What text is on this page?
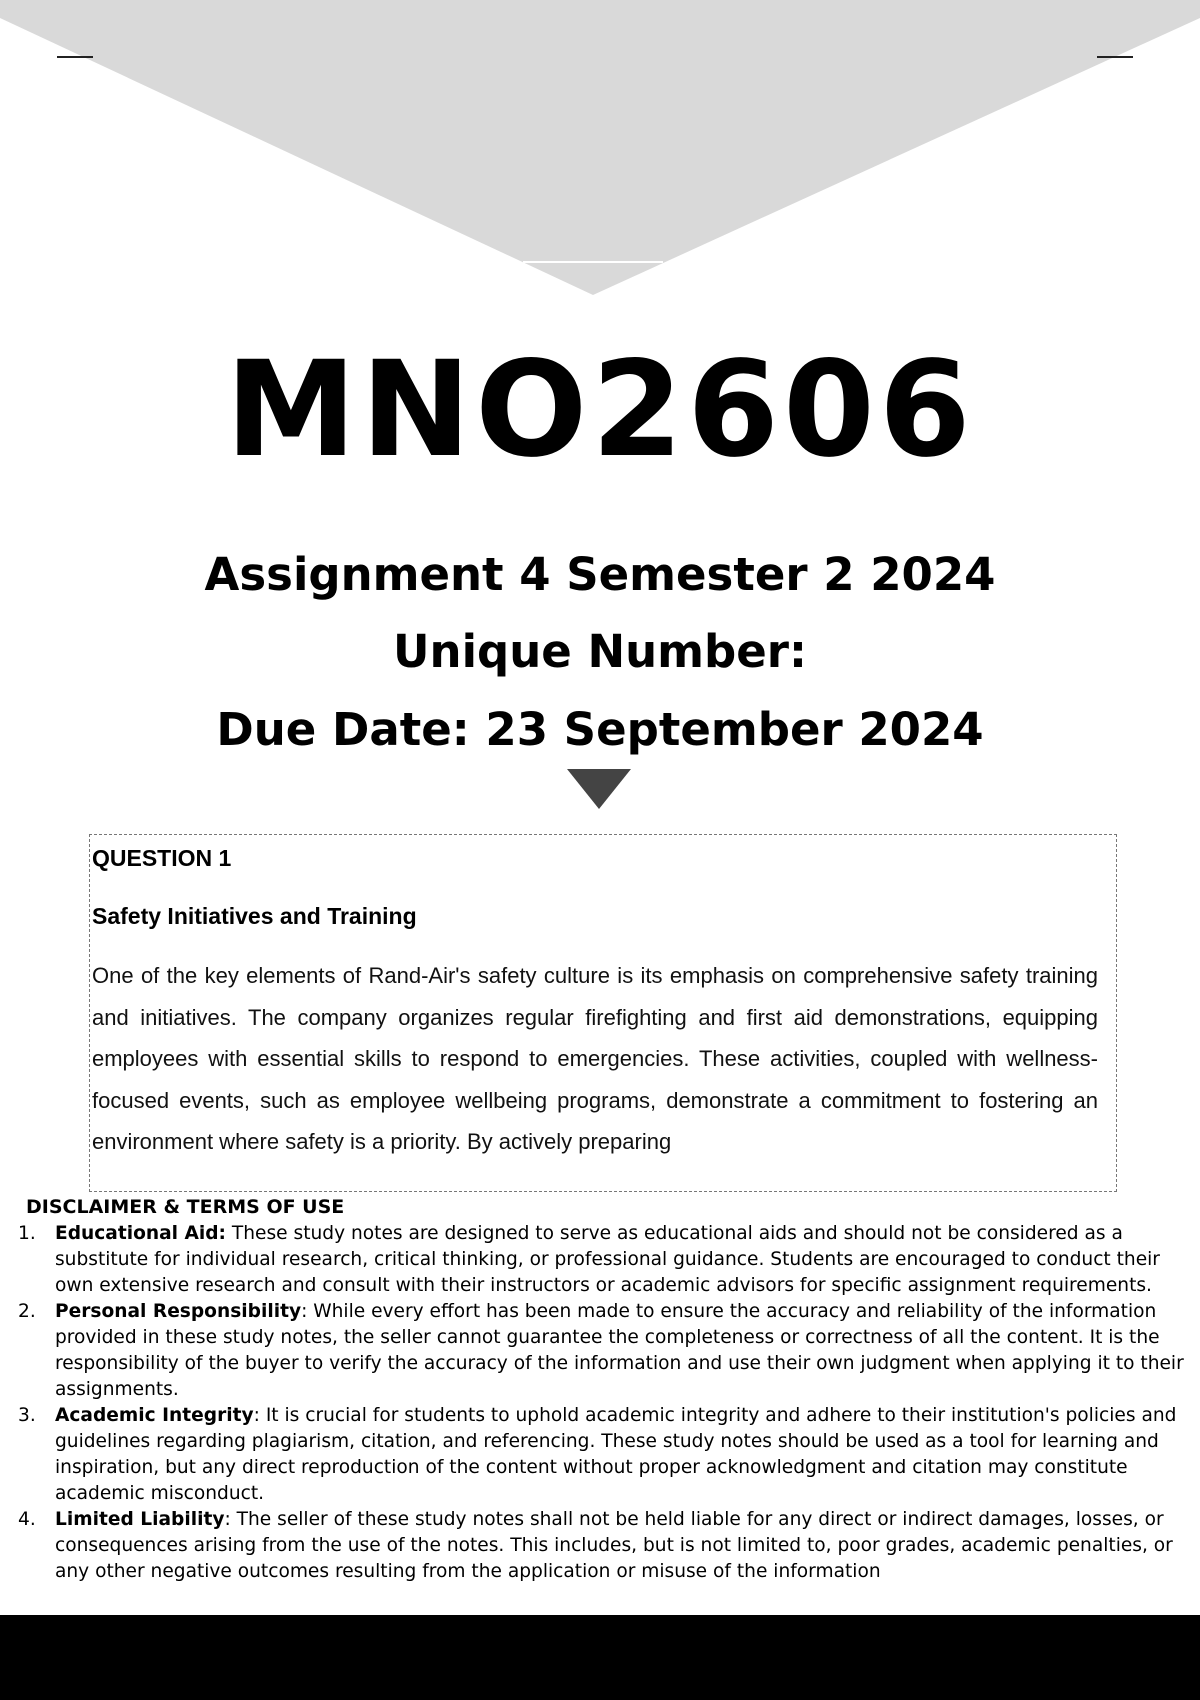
MNO2606
Assignment 4 Semester 2 2024
Unique Number:
Due Date: 23 September 2024
QUESTION 1
Safety Initiatives and Training
One of the key elements of Rand-Air's safety culture is its emphasis on comprehensive safety training and initiatives. The company organizes regular firefighting and first aid demonstrations, equipping employees with essential skills to respond to emergencies. These activities, coupled with wellness-focused events, such as employee wellbeing programs, demonstrate a commitment to fostering an environment where safety is a priority. By actively preparing
DISCLAIMER & TERMS OF USE
1. Educational Aid: These study notes are designed to serve as educational aids and should not be considered as a substitute for individual research, critical thinking, or professional guidance. Students are encouraged to conduct their own extensive research and consult with their instructors or academic advisors for specific assignment requirements.
2. Personal Responsibility: While every effort has been made to ensure the accuracy and reliability of the information provided in these study notes, the seller cannot guarantee the completeness or correctness of all the content. It is the responsibility of the buyer to verify the accuracy of the information and use their own judgment when applying it to their assignments.
3. Academic Integrity: It is crucial for students to uphold academic integrity and adhere to their institution's policies and guidelines regarding plagiarism, citation, and referencing. These study notes should be used as a tool for learning and inspiration, but any direct reproduction of the content without proper acknowledgment and citation may constitute academic misconduct.
4. Limited Liability: The seller of these study notes shall not be held liable for any direct or indirect damages, losses, or consequences arising from the use of the notes. This includes, but is not limited to, poor grades, academic penalties, or any other negative outcomes resulting from the application or misuse of the information
